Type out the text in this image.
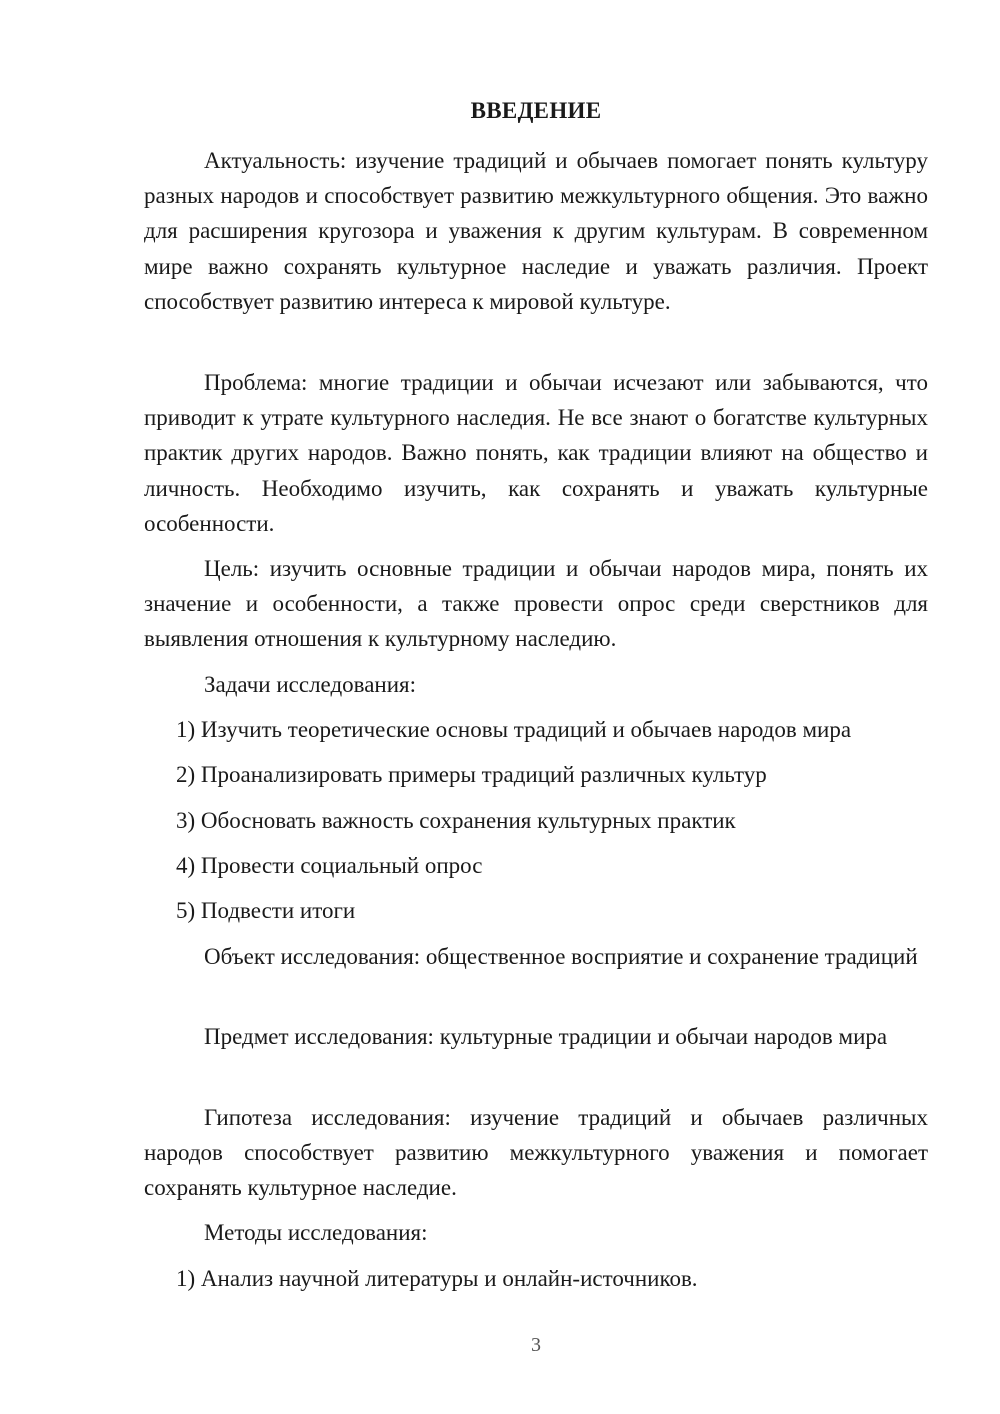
ВВЕДЕНИЕ

Актуальность: изучение традиций и обычаев помогает понять культуру разных народов и способствует развитию межкультурного общения. Это важно для расширения кругозора и уважения к другим культурам. В современном мире важно сохранять культурное наследие и уважать различия. Проект способствует развитию интереса к мировой культуре.

Проблема: многие традиции и обычаи исчезают или забываются, что приводит к утрате культурного наследия. Не все знают о богатстве культурных практик других народов. Важно понять, как традиции влияют на общество и личность. Необходимо изучить, как сохранять и уважать культурные особенности.

Цель: изучить основные традиции и обычаи народов мира, понять их значение и особенности, а также провести опрос среди сверстников для выявления отношения к культурному наследию.

Задачи исследования:

1) Изучить теоретические основы традиций и обычаев народов мира

2) Проанализировать примеры традиций различных культур

3) Обосновать важность сохранения культурных практик

4) Провести социальный опрос

5) Подвести итоги

Объект исследования: общественное восприятие и сохранение традиций

Предмет исследования: культурные традиции и обычаи народов мира

Гипотеза исследования: изучение традиций и обычаев различных народов способствует развитию межкультурного уважения и помогает сохранять культурное наследие.

Методы исследования:

1) Анализ научной литературы и онлайн-источников.

3
